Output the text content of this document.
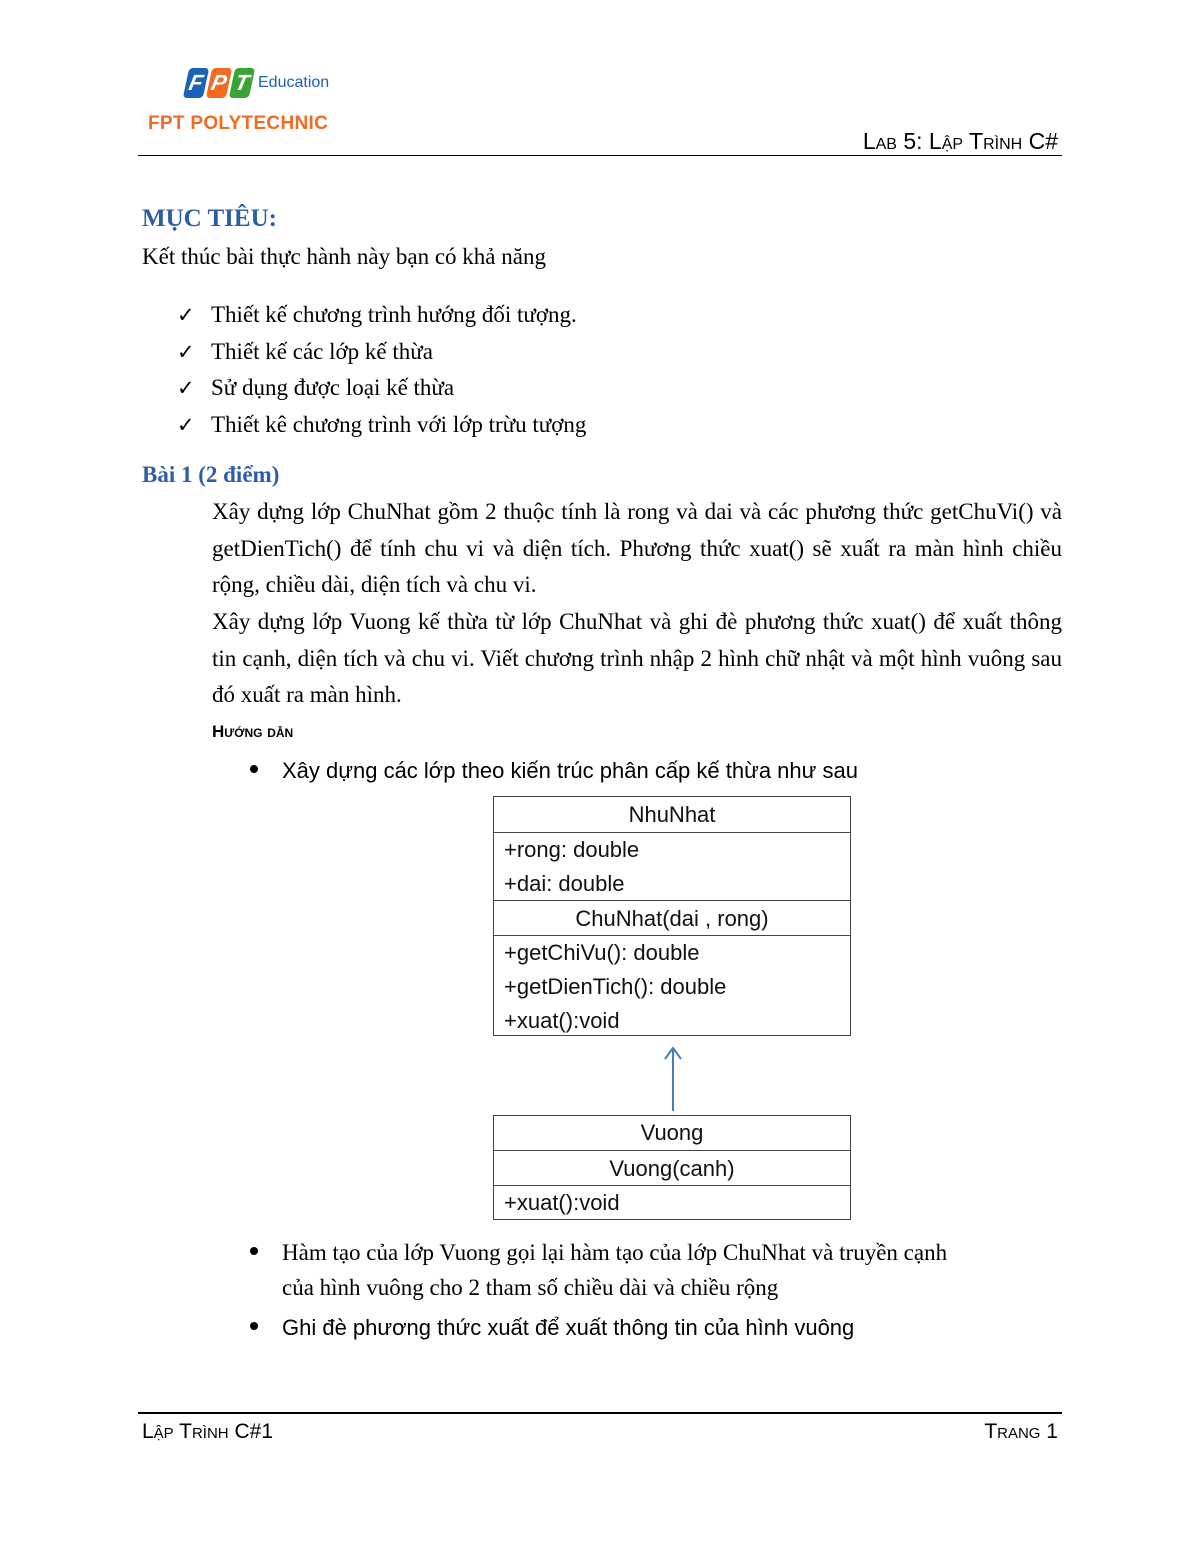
F P T Education
FPT POLYTECHNIC
Lab 5: Lập Trình C#
MỤC TIÊU:
Kết thúc bài thực hành này bạn có khả năng
✓ Thiết kế chương trình hướng đối tượng.
✓ Thiết kế các lớp kế thừa
✓ Sử dụng được loại kế thừa
✓ Thiết kê chương trình với lớp trừu tượng
Bài 1 (2 điểm)
Xây dựng lớp ChuNhat gồm 2 thuộc tính là rong và dai và các phương thức getChuVi() và getDienTich() để tính chu vi và diện tích. Phương thức xuat() sẽ xuất ra màn hình chiều rộng, chiều dài, diện tích và chu vi.
Xây dựng lớp Vuong kế thừa từ lớp ChuNhat và ghi đè phương thức xuat() để xuất thông tin cạnh, diện tích và chu vi. Viết chương trình nhập 2 hình chữ nhật và một hình vuông sau đó xuất ra màn hình.
Hướng dẫn
Xây dựng các lớp theo kiến trúc phân cấp kế thừa như sau
NhuNhat
+rong: double
+dai: double
ChuNhat(dai , rong)
+getChiVu(): double
+getDienTich(): double
+xuat():void
Vuong
Vuong(canh)
+xuat():void
Hàm tạo của lớp Vuong gọi lại hàm tạo của lớp ChuNhat và truyền cạnh
của hình vuông cho 2 tham số chiều dài và chiều rộng
Ghi đè phương thức xuất để xuất thông tin của hình vuông
Lập Trình C#1	Trang 1
